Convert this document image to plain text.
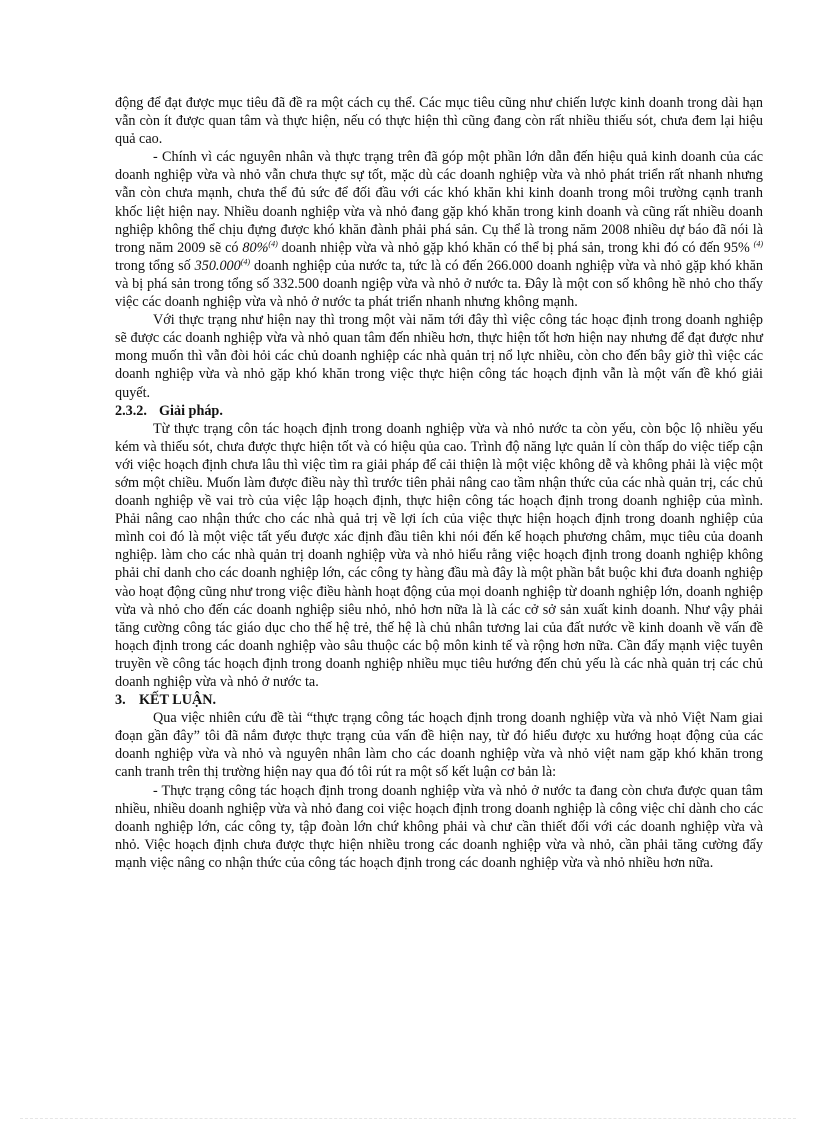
động để đạt được mục tiêu đã đề ra một cách cụ thể. Các mục tiêu cũng như chiến lược kinh doanh trong dài hạn vẫn còn ít được quan tâm và thực hiện, nếu có thực hiện thì cũng đang còn rất nhiều thiếu sót, chưa đem lại hiệu quả cao.

- Chính vì các nguyên nhân và thực trạng trên đã góp một phần lớn dẫn đến hiệu quả kinh doanh của các doanh nghiệp vừa và nhỏ vẫn chưa thực sự tốt, mặc dù các doanh nghiệp vừa và nhỏ phát triển rất nhanh nhưng vẫn còn chưa mạnh, chưa thể đủ sức để đối đầu với các khó khăn khi kinh doanh trong môi trường cạnh tranh khốc liệt hiện nay. Nhiều doanh nghiệp vừa và nhỏ đang gặp khó khăn trong kinh doanh và cũng rất nhiều doanh nghiệp không thể chịu đựng được khó khăn đành phải phá sản. Cụ thể là trong năm 2008 nhiều dự báo đã nói là trong năm 2009 sẽ có 80%$^{(4)}$ doanh nhiệp vừa và nhỏ gặp khó khăn có thể bị phá sản, trong khi đó có đến 95% $^{(4)}$ trong tổng số 350.000$^{(4)}$ doanh nghiệp của nước ta, tức là có đến 266.000 doanh nghiệp vừa và nhỏ gặp khó khăn và bị phá sản trong tổng số 332.500 doanh ngiệp vừa và nhỏ ở nước ta. Đây là một con số không hề nhỏ cho thấy việc các doanh nghiệp vừa và nhỏ ở nước ta phát triển nhanh nhưng không mạnh.

Với thực trạng như hiện nay thì trong một vài năm tới đây thì việc công tác hoạc định trong doanh nghiệp sẽ được các doanh nghiệp vừa và nhỏ quan tâm đến nhiều hơn, thực hiện tốt hơn hiện nay nhưng để đạt được như mong muốn thì vẫn đòi hỏi các chủ doanh nghiệp các nhà quản trị nổ lực nhiều, còn cho đến bây giờ thì việc các doanh nghiệp vừa và nhỏ gặp khó khăn trong việc thực hiện công tác hoạch định vẫn là một vấn đề khó giải quyết.

2.3.2. Giải pháp.

Từ thực trạng côn tác hoạch định trong doanh nghiệp vừa và nhỏ nước ta còn yếu, còn bộc lộ nhiều yếu kém và thiếu sót, chưa được thực hiện tốt và có hiệu qủa cao. Trình độ năng lực quản lí còn thấp do việc tiếp cận với việc hoạch định chưa lâu thì việc tìm ra giải pháp để cải thiện là một việc không dễ và không phải là việc một sớm một chiều. Muốn làm được điều này thì trước tiên phải nâng cao tầm nhận thức của các nhà quản trị, các chủ doanh nghiệp về vai trò của việc lập hoạch định, thực hiện công tác hoạch định trong doanh nghiệp của mình. Phải nâng cao nhận thức cho các nhà quả trị về lợi ích của việc thực hiện hoạch định trong doanh nghiệp của mình coi đó là một việc tất yếu được xác định đầu tiên khi nói đến kế hoạch phương châm, mục tiêu của doanh nghiệp. làm cho các nhà quản trị doanh nghiệp vừa và nhỏ hiểu rằng việc hoạch định trong doanh nghiệp không phải chỉ danh cho các doanh nghiệp lớn, các công ty hàng đầu mà đây là một phần bắt buộc khi đưa doanh nghiệp vào hoạt động cũng như trong việc điều hành hoạt động của mọi doanh nghiệp từ doanh nghiệp lớn, doanh nghiệp vừa và nhỏ cho đến các doanh nghiệp siêu nhỏ, nhỏ hơn nữa là là các cở sở sản xuất kinh doanh. Như vậy phải tăng cường công tác giáo dục cho thế hệ trẻ, thế hệ là chủ nhân tương lai của đất nước về kinh doanh về vấn đề hoạch định trong các doanh nghiệp vào sâu thuộc các bộ môn kinh tế và rộng hơn nữa. Cần đẩy mạnh việc tuyên truyền về công tác hoạch định trong doanh nghiệp nhiều mục tiêu hướng đến chủ yếu là các nhà quản trị các chủ doanh nghiệp vừa và nhỏ ở nước ta.

3. KẾT LUẬN.

Qua việc nhiên cứu đề tài “thực trạng công tác hoạch định trong doanh nghiệp vừa và nhỏ Việt Nam giai đoạn gần đây” tôi đã nắm được thực trạng của vấn đề hiện nay, từ đó hiểu được xu hướng hoạt động của các doanh nghiệp vừa và nhỏ và nguyên nhân làm cho các doanh nghiệp vừa và nhỏ việt nam gặp khó khăn trong canh tranh trên thị trường hiện nay qua đó tôi rút ra một số kết luận cơ bản là:

- Thực trạng công tác hoạch định trong doanh nghiệp vừa và nhỏ ở nước ta đang còn chưa được quan tâm nhiều, nhiều doanh nghiệp vừa và nhỏ đang coi việc hoạch định trong doanh nghiệp là công việc chỉ dành cho các doanh nghiệp lớn, các công ty, tập đoàn lớn chứ không phải và chư cần thiết đối với các doanh nghiệp vừa và nhỏ. Việc hoạch định chưa được thực hiện nhiều trong các doanh nghiệp vừa và nhỏ, cần phải tăng cường đẩy mạnh việc nâng co nhận thức của công tác hoạch định trong các doanh nghiệp vừa và nhỏ nhiều hơn nữa.
